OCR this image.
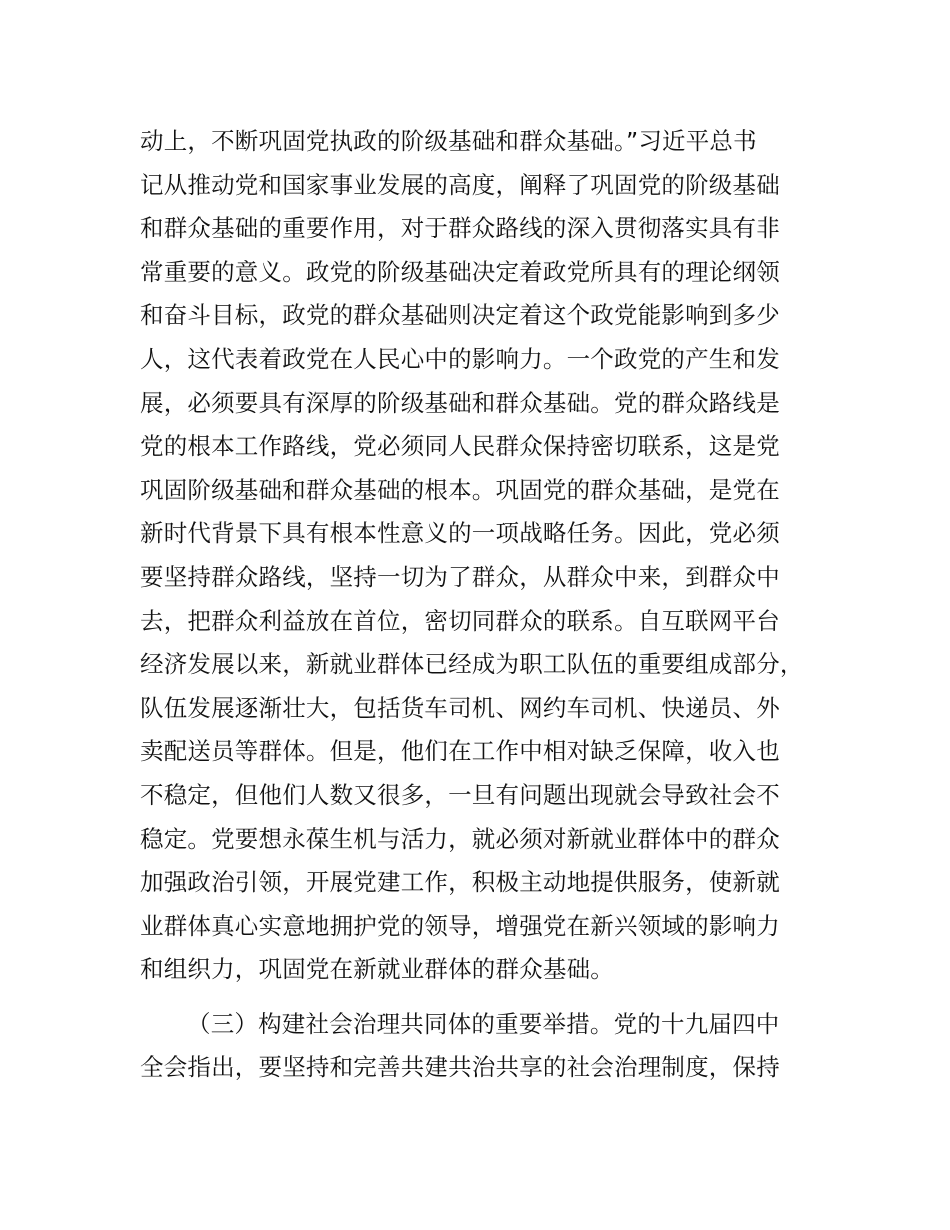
动上，不断巩固党执政的阶级基础和群众基础。”习近平总书
记从推动党和国家事业发展的高度，阐释了巩固党的阶级基础
和群众基础的重要作用，对于群众路线的深入贯彻落实具有非
常重要的意义。政党的阶级基础决定着政党所具有的理论纲领
和奋斗目标，政党的群众基础则决定着这个政党能影响到多少
人，这代表着政党在人民心中的影响力。一个政党的产生和发
展，必须要具有深厚的阶级基础和群众基础。党的群众路线是
党的根本工作路线，党必须同人民群众保持密切联系，这是党
巩固阶级基础和群众基础的根本。巩固党的群众基础，是党在
新时代背景下具有根本性意义的一项战略任务。因此，党必须
要坚持群众路线，坚持一切为了群众，从群众中来，到群众中
去，把群众利益放在首位，密切同群众的联系。自互联网平台
经济发展以来，新就业群体已经成为职工队伍的重要组成部分，
队伍发展逐渐壮大，包括货车司机、网约车司机、快递员、外
卖配送员等群体。但是，他们在工作中相对缺乏保障，收入也
不稳定，但他们人数又很多，一旦有问题出现就会导致社会不
稳定。党要想永葆生机与活力，就必须对新就业群体中的群众
加强政治引领，开展党建工作，积极主动地提供服务，使新就
业群体真心实意地拥护党的领导，增强党在新兴领域的影响力
和组织力，巩固党在新就业群体的群众基础。
（三）构建社会治理共同体的重要举措。党的十九届四中
全会指出，要坚持和完善共建共治共享的社会治理制度，保持
